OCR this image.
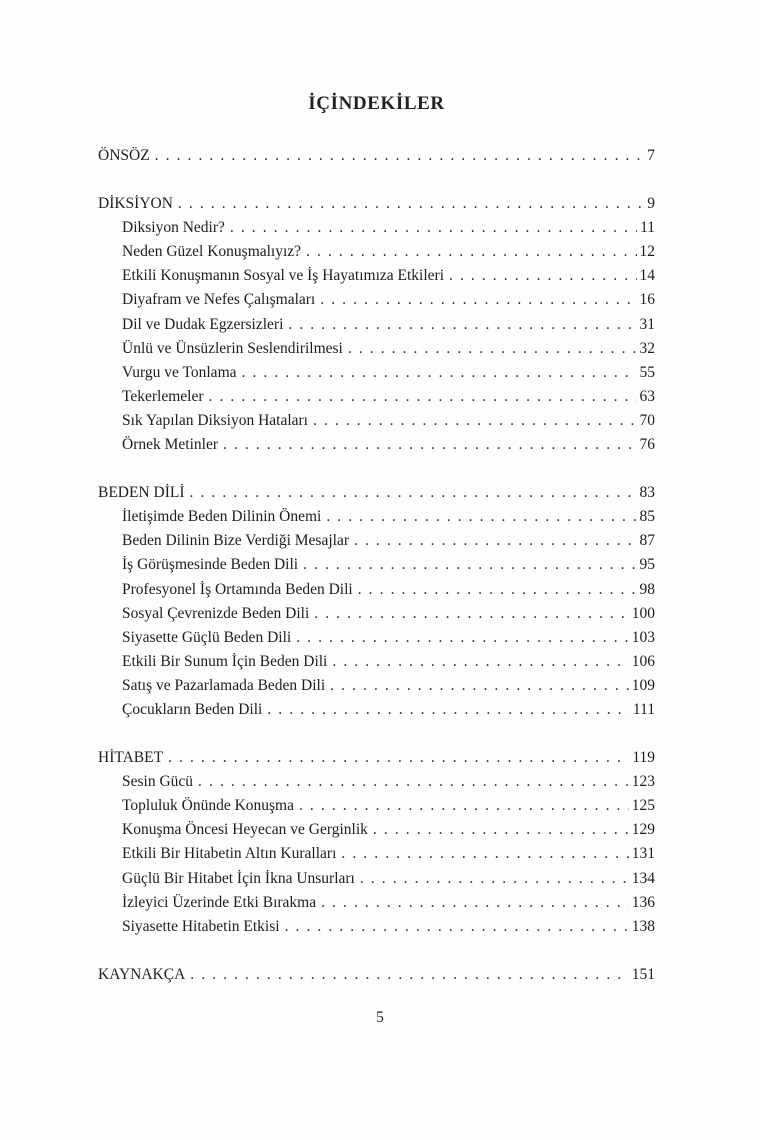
İÇİNDEKİLER
ÖNSÖZ . . .	7
DİKSİYON . . .	9
Diksiyon Nedir? . . .	11
Neden Güzel Konuşmalıyız? . . .	12
Etkili Konuşmanın Sosyal ve İş Hayatımıza Etkileri . . .	14
Diyafram ve Nefes Çalışmaları . . .	16
Dil ve Dudak Egzersizleri . . .	31
Ünlü ve Ünsüzlerin Seslendirilmesi . . .	32
Vurgu ve Tonlama . . .	55
Tekerlemeler . . .	63
Sık Yapılan Diksiyon Hataları . . .	70
Örnek Metinler . . .	76
BEDEN DİLİ . . .	83
İletişimde Beden Dilinin Önemi . . .	85
Beden Dilinin Bize Verdiği Mesajlar . . .	87
İş Görüşmesinde Beden Dili . . .	95
Profesyonel İş Ortamında Beden Dili . . .	98
Sosyal Çevrenizde Beden Dili . . .	100
Siyasette Güçlü Beden Dili . . .	103
Etkili Bir Sunum İçin Beden Dili . . .	106
Satış ve Pazarlamada Beden Dili . . .	109
Çocukların Beden Dili . . .	111
HİTABET . . .	119
Sesin Gücü . . .	123
Topluluk Önünde Konuşma . . .	125
Konuşma Öncesi Heyecan ve Gerginlik . . .	129
Etkili Bir Hitabetin Altın Kuralları . . .	131
Güçlü Bir Hitabet İçin İkna Unsurları . . .	134
İzleyici Üzerinde Etki Bırakma . . .	136
Siyasette Hitabetin Etkisi . . .	138
KAYNAKÇA . . .	151
5
